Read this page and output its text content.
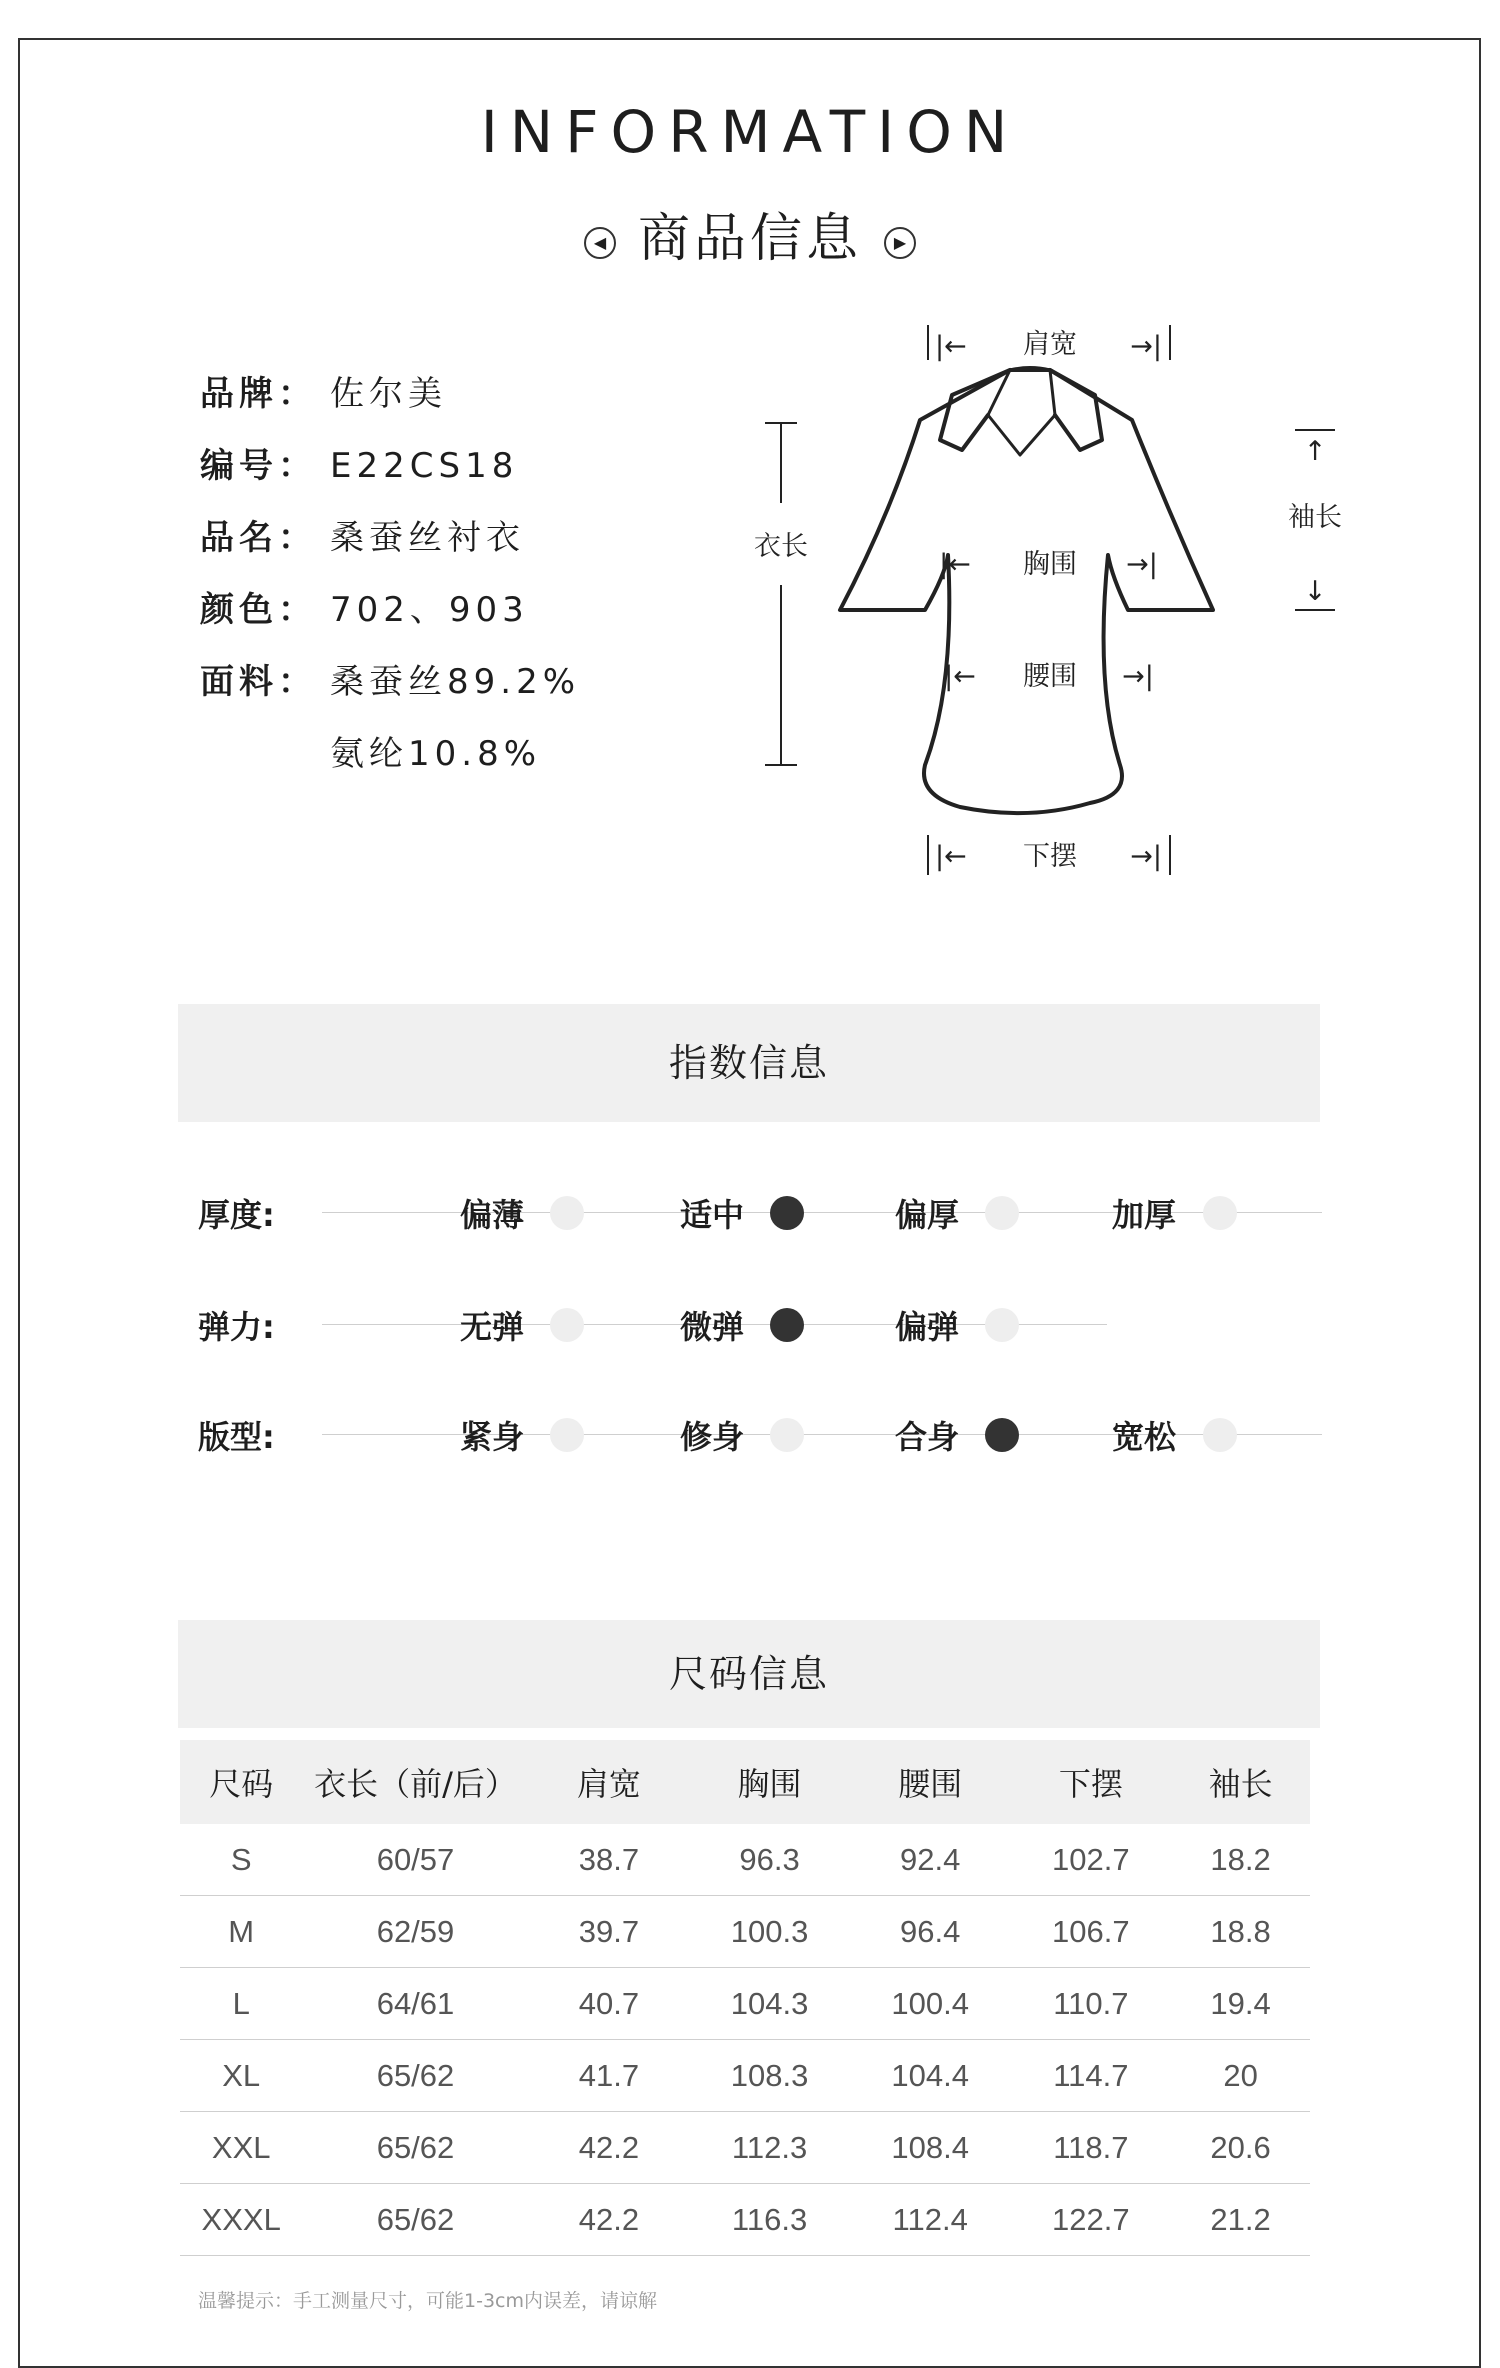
INFORMATION
◀ 商品信息 ▶
品牌： 佐尔美
编号： E22CS18
品名： 桑蚕丝衬衣
颜色： 702、903
面料： 桑蚕丝89.2%
氨纶10.8%
|← 肩宽 →|
衣长
↑
袖长
↓
胸围
|←	→|
腰围
|←	→|
|← 下摆 →|
指数信息
厚度:	偏薄	适中	偏厚	加厚
弹力:	无弹	微弹	偏弹
版型:	紧身	修身	合身	宽松
尺码信息
尺码	衣长（前/后）	肩宽	胸围	腰围	下摆	袖长
S	60/57	38.7	96.3	92.4	102.7	18.2
M	62/59	39.7	100.3	96.4	106.7	18.8
L	64/61	40.7	104.3	100.4	110.7	19.4
XL	65/62	41.7	108.3	104.4	114.7	20
XXL	65/62	42.2	112.3	108.4	118.7	20.6
XXXL	65/62	42.2	116.3	112.4	122.7	21.2
温馨提示：手工测量尺寸，可能1-3cm内误差，请谅解
